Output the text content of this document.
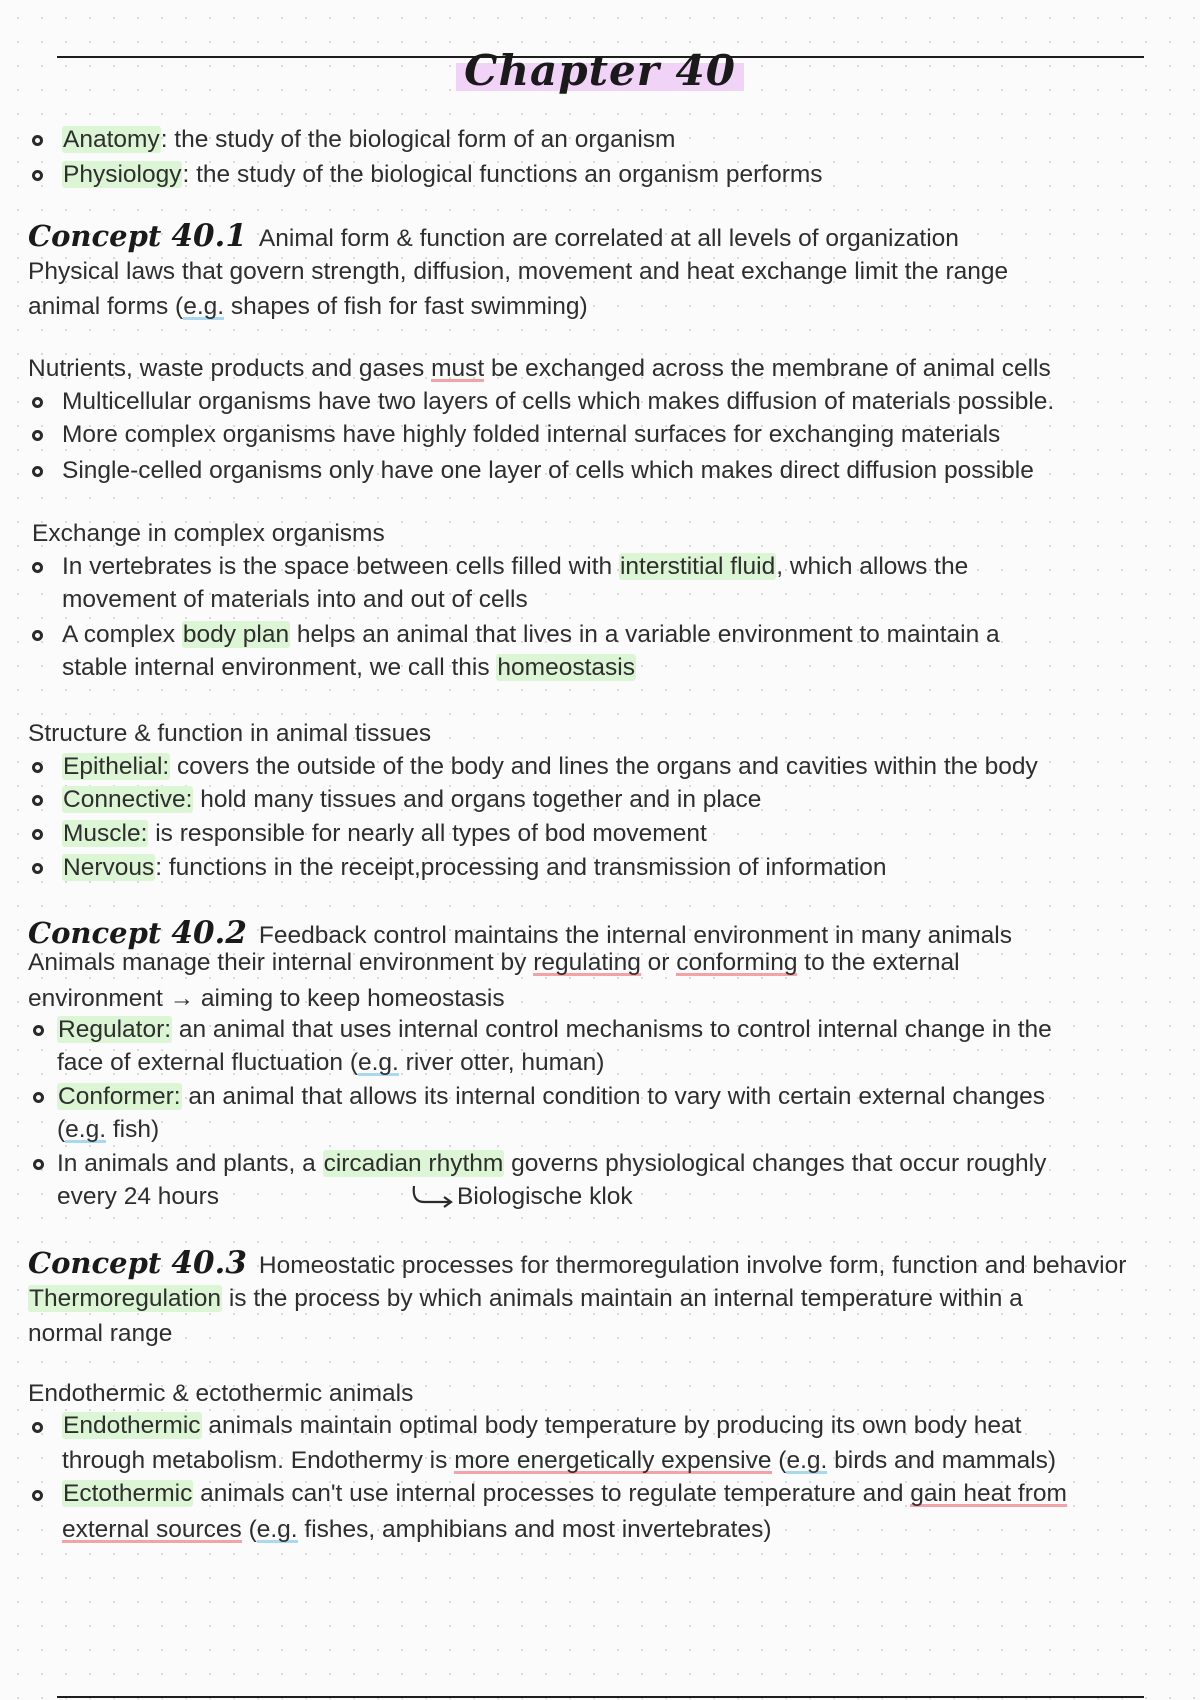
Chapter 40
Anatomy: the study of the biological form of an organism
Physiology: the study of the biological functions an organism performs
Concept 40.1 Animal form & function are correlated at all levels of organization
Physical laws that govern strength, diffusion, movement and heat exchange limit the range
animal forms (e.g. shapes of fish for fast swimming)
Nutrients, waste products and gases must be exchanged across the membrane of animal cells
Multicellular organisms have two layers of cells which makes diffusion of materials possible.
More complex organisms have highly folded internal surfaces for exchanging materials
Single-celled organisms only have one layer of cells which makes direct diffusion possible
Exchange in complex organisms
In vertebrates is the space between cells filled with interstitial fluid, which allows the
movement of materials into and out of cells
A complex body plan helps an animal that lives in a variable environment to maintain a
stable internal environment, we call this homeostasis
Structure & function in animal tissues
Epithelial: covers the outside of the body and lines the organs and cavities within the body
Connective: hold many tissues and organs together and in place
Muscle: is responsible for nearly all types of bod movement
Nervous: functions in the receipt,processing and transmission of information
Concept 40.2 Feedback control maintains the internal environment in many animals
Animals manage their internal environment by regulating or conforming to the external
environment → aiming to keep homeostasis
Regulator: an animal that uses internal control mechanisms to control internal change in the
face of external fluctuation (e.g. river otter, human)
Conformer: an animal that allows its internal condition to vary with certain external changes
(e.g. fish)
In animals and plants, a circadian rhythm governs physiological changes that occur roughly
every 24 hours	Biologische klok
Concept 40.3 Homeostatic processes for thermoregulation involve form, function and behavior
Thermoregulation is the process by which animals maintain an internal temperature within a
normal range
Endothermic & ectothermic animals
Endothermic animals maintain optimal body temperature by producing its own body heat
through metabolism. Endothermy is more energetically expensive (e.g. birds and mammals)
Ectothermic animals can't use internal processes to regulate temperature and gain heat from
external sources (e.g. fishes, amphibians and most invertebrates)
